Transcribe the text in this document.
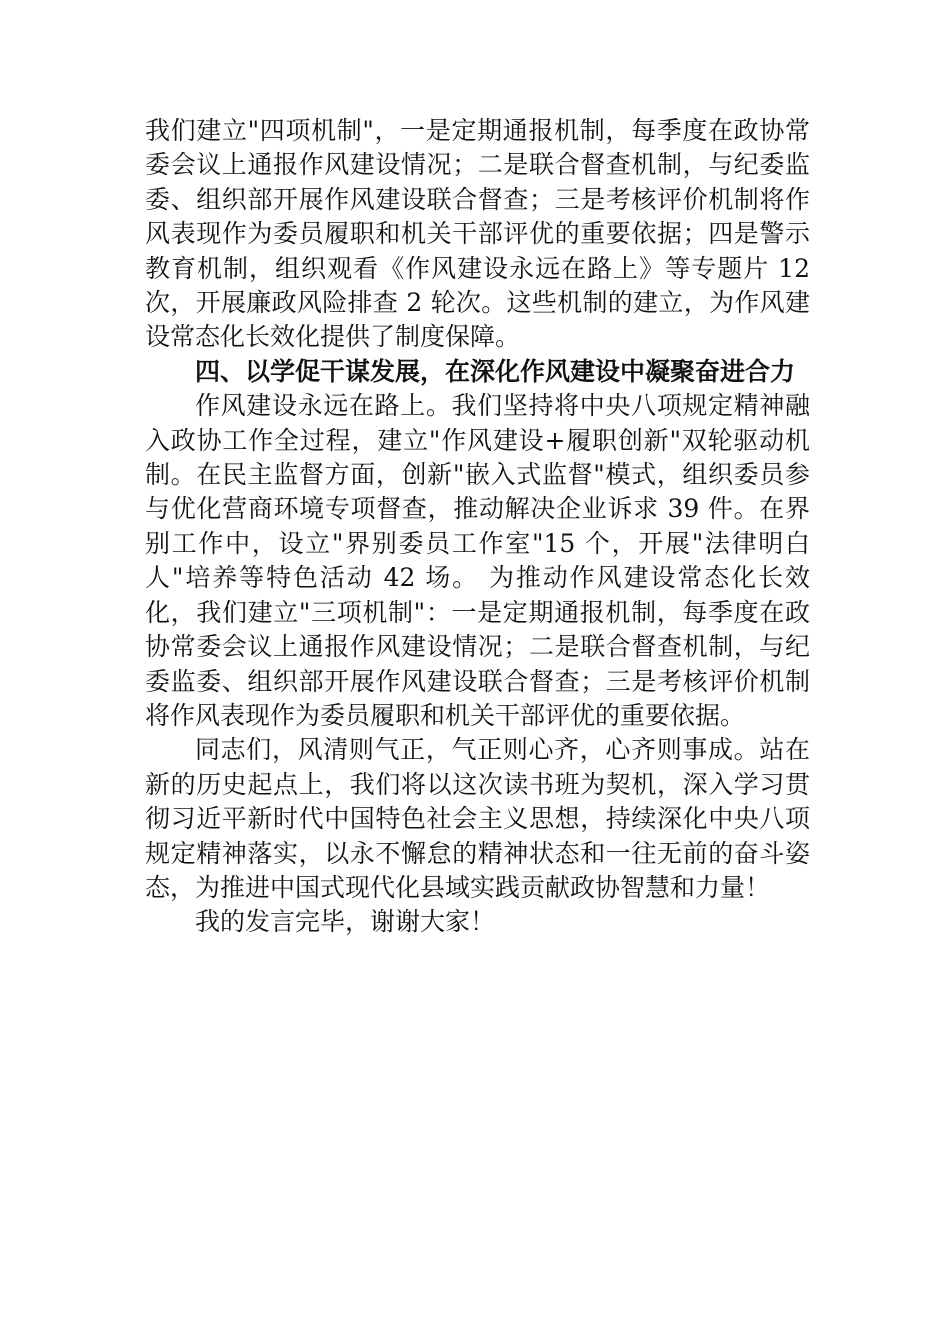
我们建立"四项机制"，一是定期通报机制，每季度在政协常委会议上通报作风建设情况；二是联合督查机制，与纪委监委、组织部开展作风建设联合督查；三是考核评价机制将作风表现作为委员履职和机关干部评优的重要依据；四是警示教育机制，组织观看《作风建设永远在路上》等专题片 12 次，开展廉政风险排查 2 轮次。这些机制的建立，为作风建设常态化长效化提供了制度保障。

四、以学促干谋发展，在深化作风建设中凝聚奋进合力

作风建设永远在路上。我们坚持将中央八项规定精神融入政协工作全过程，建立"作风建设+履职创新"双轮驱动机制。在民主监督方面，创新"嵌入式监督"模式，组织委员参与优化营商环境专项督查，推动解决企业诉求 39 件。在界别工作中，设立"界别委员工作室"15 个，开展"法律明白人"培养等特色活动 42 场。 为推动作风建设常态化长效化，我们建立"三项机制"：一是定期通报机制，每季度在政协常委会议上通报作风建设情况；二是联合督查机制，与纪委监委、组织部开展作风建设联合督查；三是考核评价机制将作风表现作为委员履职和机关干部评优的重要依据。

同志们，风清则气正，气正则心齐，心齐则事成。站在新的历史起点上，我们将以这次读书班为契机，深入学习贯彻习近平新时代中国特色社会主义思想，持续深化中央八项规定精神落实，以永不懈怠的精神状态和一往无前的奋斗姿态，为推进中国式现代化县域实践贡献政协智慧和力量！

我的发言完毕，谢谢大家！
